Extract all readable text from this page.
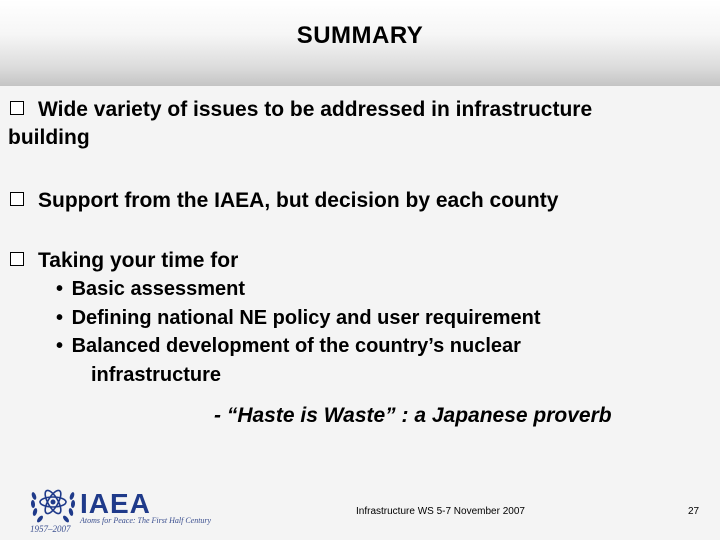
SUMMARY
Wide variety of issues to be addressed in infrastructure
building
Support from the IAEA, but decision by each county
Taking your time for
• Basic assessment
• Defining national NE policy and user requirement
• Balanced development of the country’s nuclear
infrastructure
- “Haste is Waste” : a Japanese proverb
IAEA
Atoms for Peace: The First Half Century
1957–2007
Infrastructure WS 5-7 November 2007	27
